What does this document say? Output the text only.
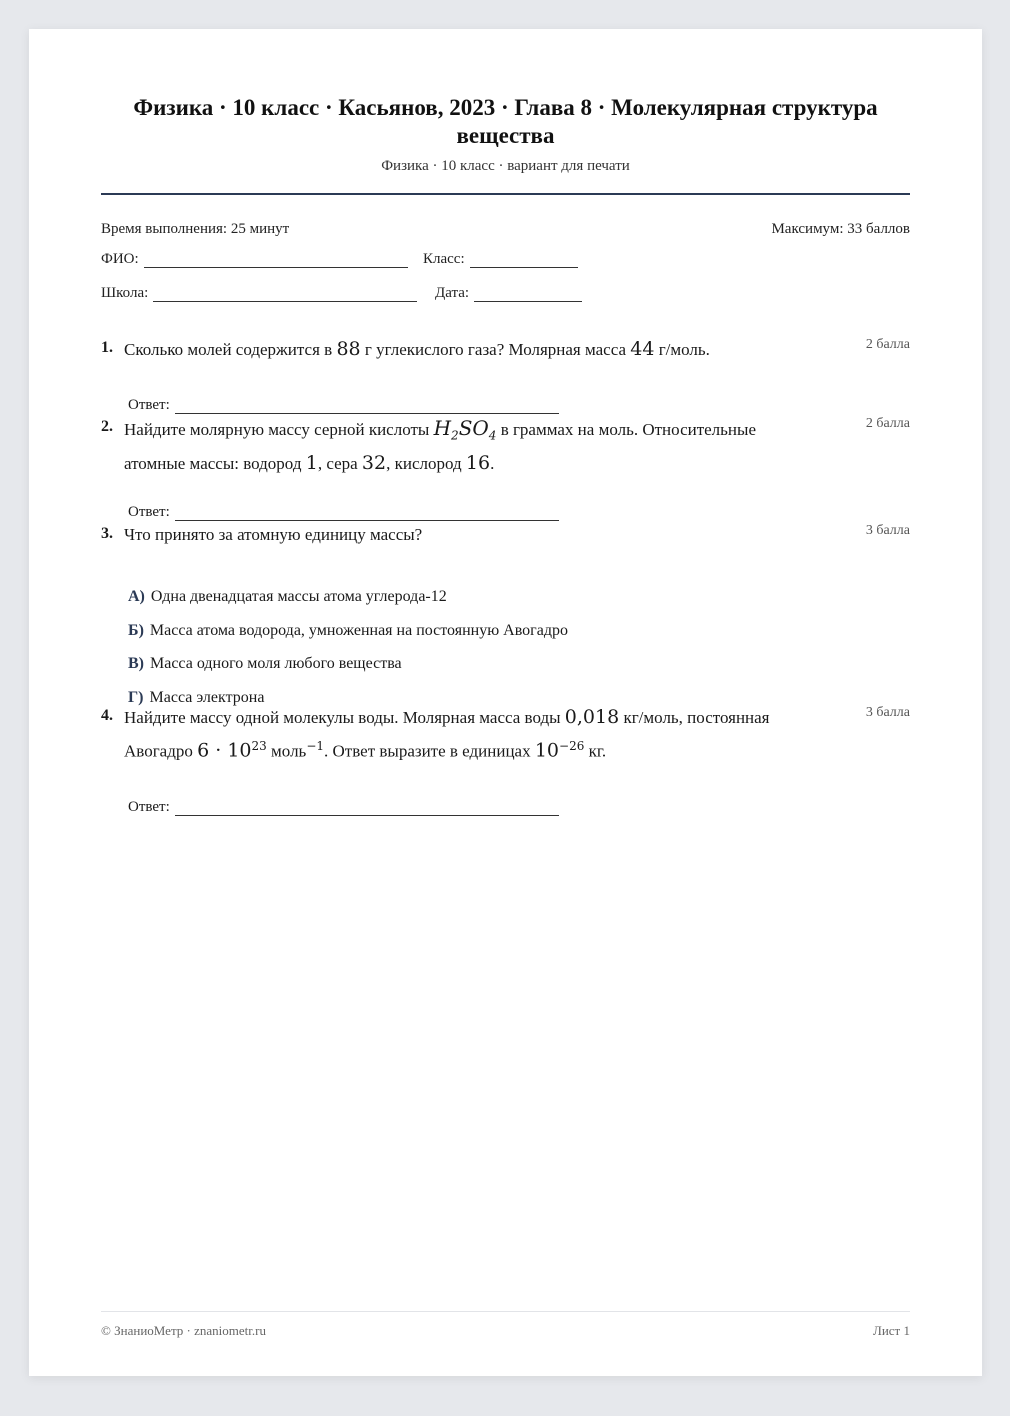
Физика · 10 класс · Касьянов, 2023 · Глава 8 · Молекулярная структура вещества
Физика · 10 класс · вариант для печати
Время выполнения: 25 минут	Максимум: 33 баллов
ФИО:	Класс:
Школа:	Дата:
1. Сколько молей содержится в 88 г углекислого газа? Молярная масса 44 г/моль.	2 балла
Ответ:
2. Найдите молярную массу серной кислоты $H_2SO_4$ в граммах на моль. Относительные атомные массы: водород 1, сера 32, кислород 16.
2 балла
Ответ:
3. Что принято за атомную единицу массы?	3 балла
А) Одна двенадцатая массы атома углерода-12
Б) Масса атома водорода, умноженная на постоянную Авогадро
В) Масса одного моля любого вещества
Г) Масса электрона
4. Найдите массу одной молекулы воды. Молярная масса воды 0,018 кг/моль, постоянная Авогадро $6 \cdot 10^{23}$ моль$^{-1}$. Ответ выразите в единицах $10^{-26}$ кг.
3 балла
Ответ:
© ЗнаниоМетр · znaniometr.ru	Лист 1
